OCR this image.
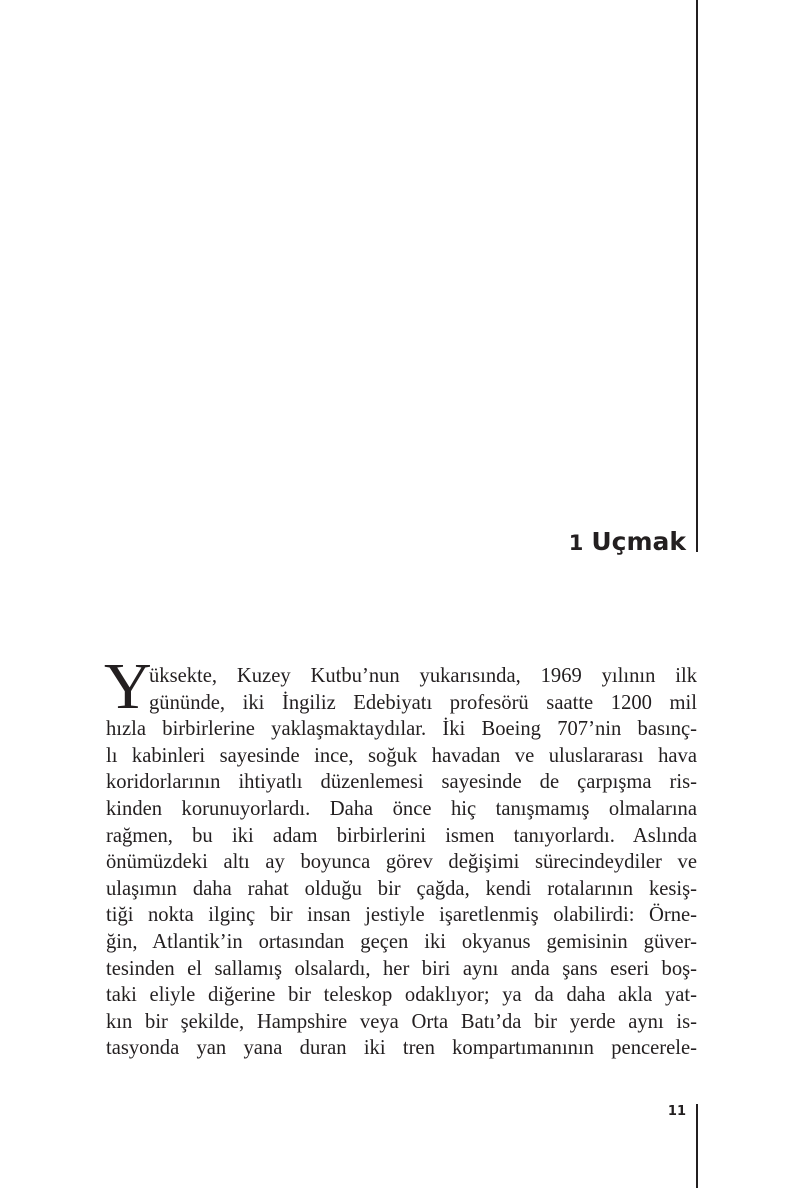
1 Uçmak
Y
üksekte, Kuzey Kutbu’nun yukarısında, 1969 yılının ilk
gününde, iki İngiliz Edebiyatı profesörü saatte 1200 mil
hızla birbirlerine yaklaşmaktaydılar. İki Boeing 707’nin basınç-
lı kabinleri sayesinde ince, soğuk havadan ve uluslararası hava
koridorlarının ihtiyatlı düzenlemesi sayesinde de çarpışma ris-
kinden korunuyorlardı. Daha önce hiç tanışmamış olmalarına
rağmen, bu iki adam birbirlerini ismen tanıyorlardı. Aslında
önümüzdeki altı ay boyunca görev değişimi sürecindeydiler ve
ulaşımın daha rahat olduğu bir çağda, kendi rotalarının kesiş-
tiği nokta ilginç bir insan jestiyle işaretlenmiş olabilirdi: Örne-
ğin, Atlantik’in ortasından geçen iki okyanus gemisinin güver-
tesinden el sallamış olsalardı, her biri aynı anda şans eseri boş-
taki eliyle diğerine bir teleskop odaklıyor; ya da daha akla yat-
kın bir şekilde, Hampshire veya Orta Batı’da bir yerde aynı is-
tasyonda yan yana duran iki tren kompartımanının pencerele-
11
